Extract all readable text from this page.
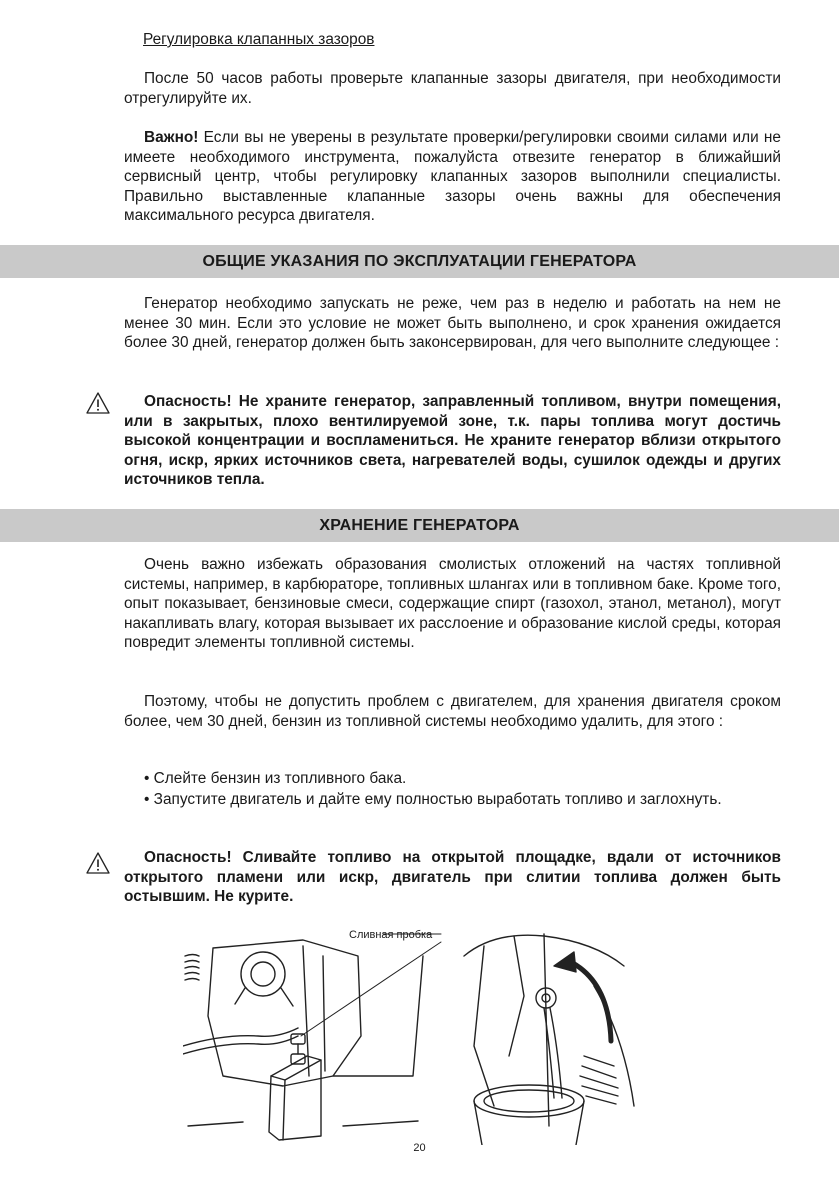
Регулировка клапанных зазоров
После 50 часов работы проверьте клапанные зазоры двигателя, при необходимости отрегулируйте их.
Важно! Если вы не уверены в результате проверки/регулировки своими силами или не имеете необходимого инструмента, пожалуйста отвезите генератор в ближайший сервисный центр, чтобы регулировку клапанных зазоров выполнили специалисты. Правильно выставленные клапанные зазоры очень важны для обеспечения максимального ресурса двигателя.
ОБЩИЕ УКАЗАНИЯ ПО ЭКСПЛУАТАЦИИ ГЕНЕРАТОРА
Генератор необходимо запускать не реже, чем раз в неделю и работать на нем не менее 30 мин. Если это условие не может быть выполнено, и срок хранения ожидается более 30 дней, генератор должен быть законсервирован, для чего выполните следующее :
Опасность! Не храните генератор, заправленный топливом, внутри помещения, или в закрытых, плохо вентилируемой зоне, т.к. пары топлива могут достичь высокой концентрации и воспламениться. Не храните генератор вблизи открытого огня, искр, ярких источников света, нагревателей воды, сушилок одежды и других источников тепла.
ХРАНЕНИЕ ГЕНЕРАТОРА
Очень важно избежать образования смолистых отложений на частях топливной системы, например, в карбюраторе, топливных шлангах или в топливном баке. Кроме того, опыт показывает, бензиновые смеси, содержащие спирт (газохол, этанол, метанол), могут накапливать влагу, которая вызывает их расслоение и образование кислой среды, которая повредит элементы топливной системы.
Поэтому, чтобы не допустить проблем с двигателем, для хранения двигателя сроком более, чем 30 дней, бензин из топливной системы необходимо удалить, для этого :
• Слейте бензин из топливного бака.
• Запустите двигатель и дайте ему полностью выработать топливо и заглохнуть.
Опасность! Сливайте топливо на открытой площадке, вдали от источников открытого пламени или искр, двигатель при слитии топлива должен быть остывшим. Не курите.
Сливная пробка
20
